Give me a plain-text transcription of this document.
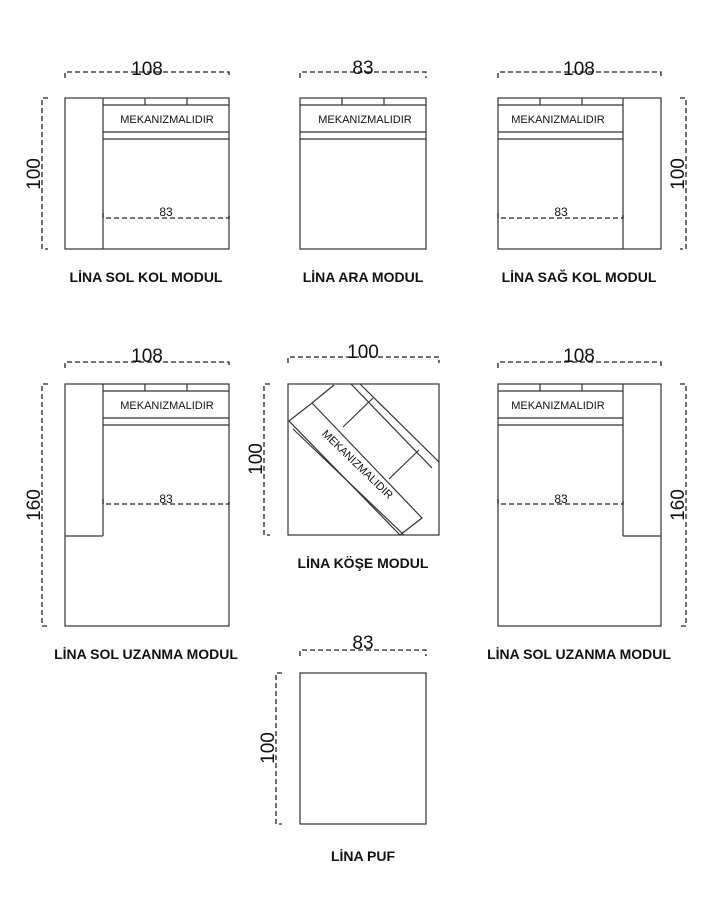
108
100
MEKANIZMALIDIR
83
LİNA SOL KOL MODUL
83
MEKANIZMALIDIR
LİNA ARA MODUL
108
100
MEKANIZMALIDIR
83
LİNA SAĞ KOL MODUL
108
160
MEKANIZMALIDIR
83
LİNA SOL UZANMA MODUL
100
100	MEKANIZMALIDIR
LİNA KÖŞE MODUL
108
160
MEKANIZMALIDIR
83
LİNA SOL UZANMA MODUL
83
100
LİNA PUF
